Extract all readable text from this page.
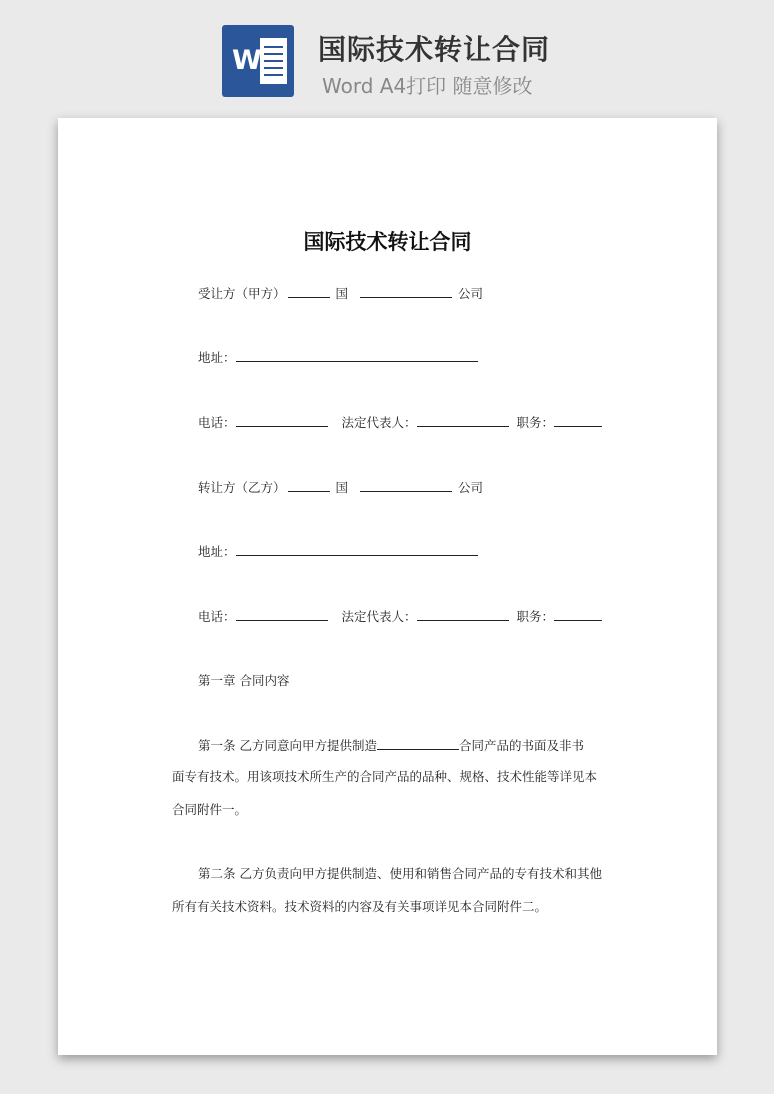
W 国际技术转让合同
Word A4打印 随意修改
国际技术转让合同
受让方（甲方）	国	公司
地址：
电话：	法定代表人：	职务：
转让方（乙方）	国	公司
地址：
电话：	法定代表人：	职务：
第一章 合同内容
第一条 乙方同意向甲方提供制造	合同产品的书面及非书
面专有技术。用该项技术所生产的合同产品的品种、规格、技术性能等详见本
合同附件一。
第二条 乙方负责向甲方提供制造、使用和销售合同产品的专有技术和其他
所有有关技术资料。技术资料的内容及有关事项详见本合同附件二。
